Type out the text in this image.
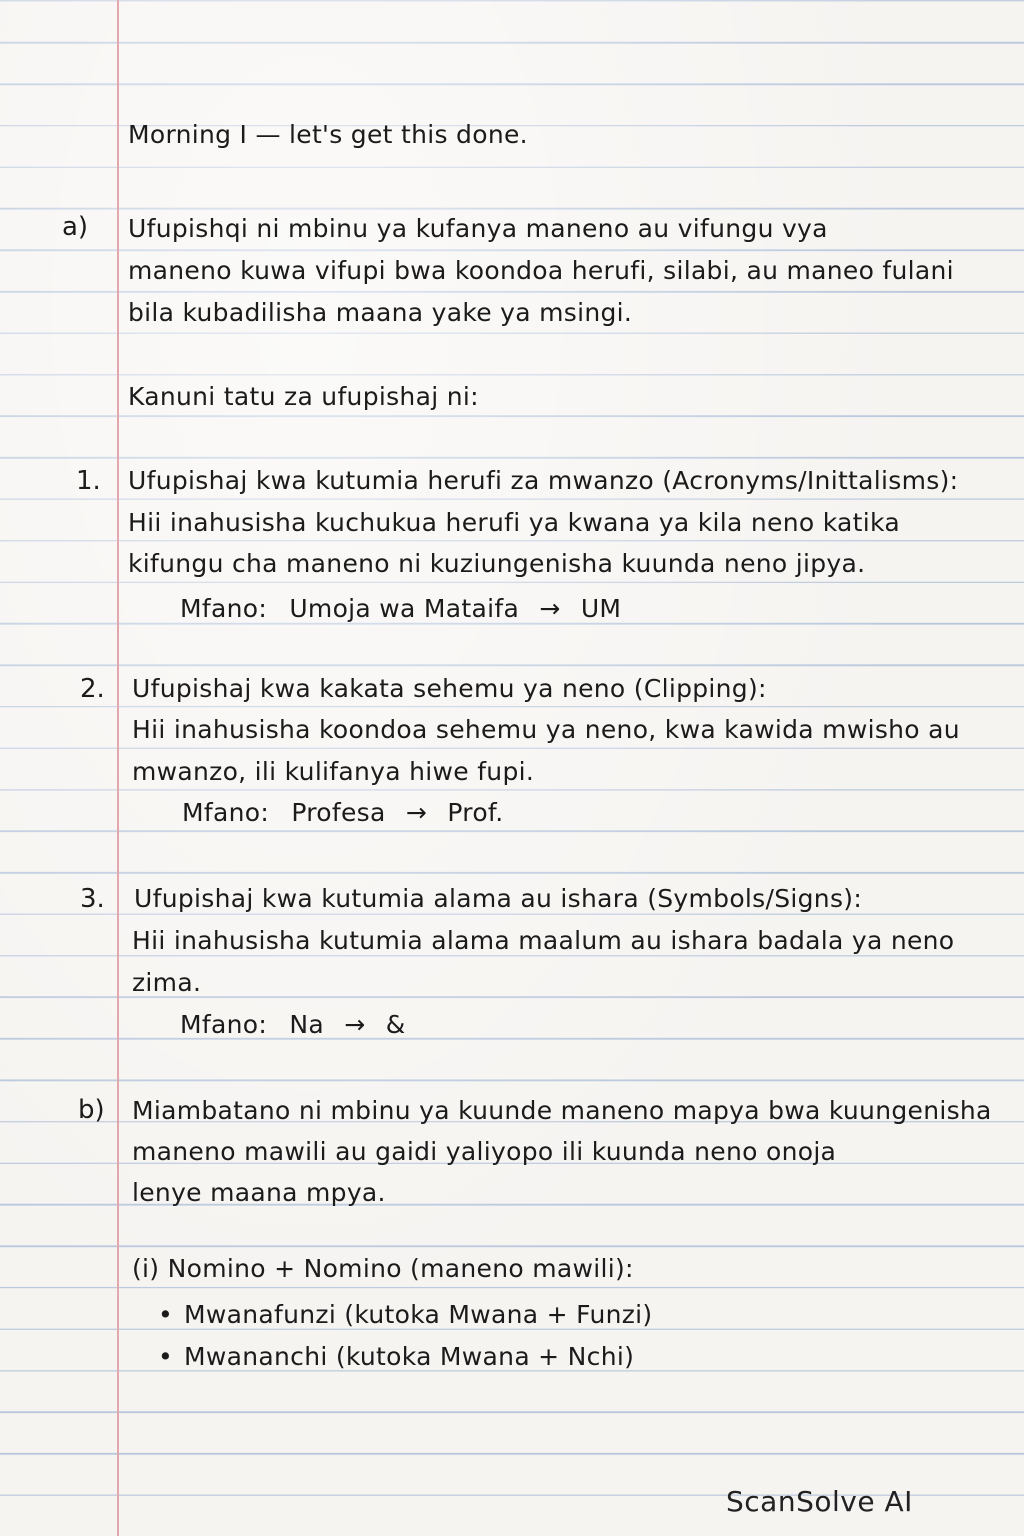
Morning I — let's get this done.

a) Ufupishqi ni mbinu ya kufanya maneno au vifungu vya

maneno kuwa vifupi bwa koondoa herufi, silabi, au maneo fulani

bila kubadilisha maana yake ya msingi.

Kanuni tatu za ufupishaj ni:

1. Ufupishaj kwa kutumia herufi za mwanzo (Acronyms/Inittalisms):

Hii inahusisha kuchukua herufi ya kwana ya kila neno katika

kifungu cha maneno ni kuziungenisha kuunda neno jipya.

Mfano: Umoja wa Mataifa → UM

2. Ufupishaj kwa kakata sehemu ya neno (Clipping):

Hii inahusisha koondoa sehemu ya neno, kwa kawida mwisho au

mwanzo, ili kulifanya hiwe fupi.

Mfano: Profesa → Prof.

3. Ufupishaj kwa kutumia alama au ishara (Symbols/Signs):

Hii inahusisha kutumia alama maalum au ishara badala ya neno

zima.

Mfano: Na → &

b) Miambatano ni mbinu ya kuunde maneno mapya bwa kuungenisha

maneno mawili au gaidi yaliyopo ili kuunda neno onoja

lenye maana mpya.

(i) Nomino + Nomino (maneno mawili):

• Mwanafunzi (kutoka Mwana + Funzi)

• Mwananchi (kutoka Mwana + Nchi)

ScanSolve AI
